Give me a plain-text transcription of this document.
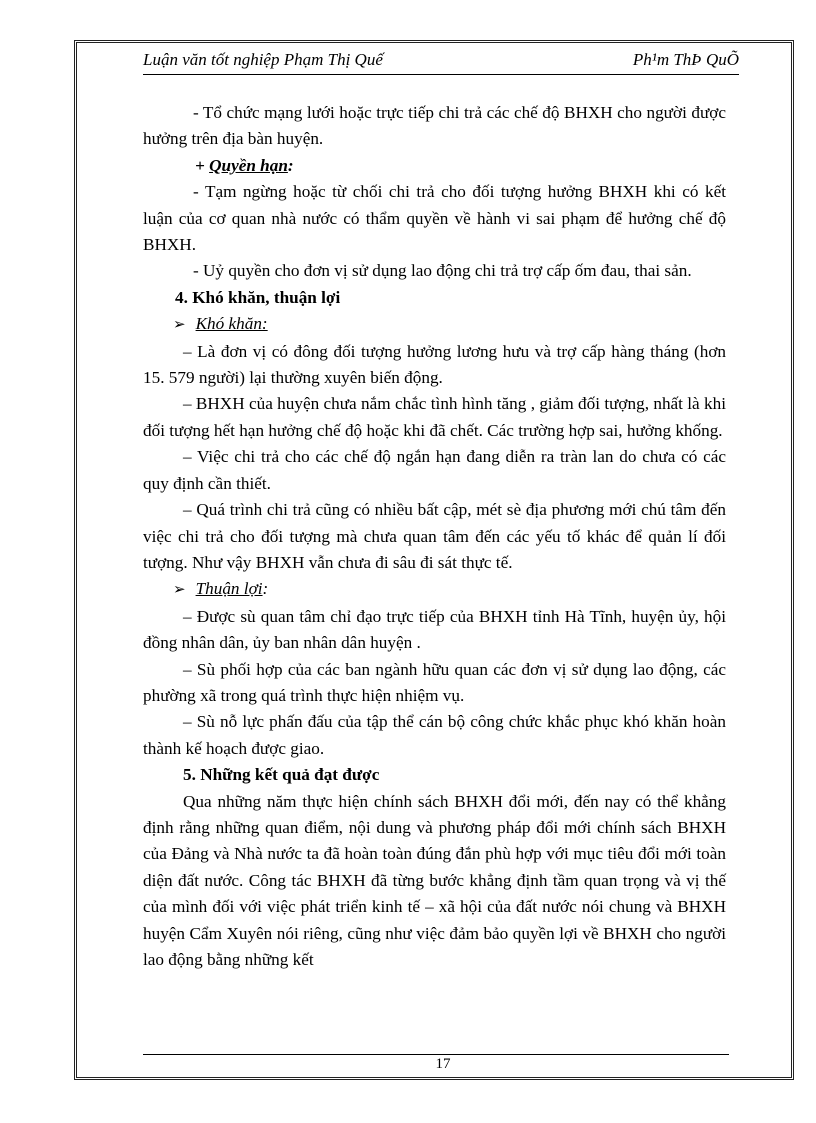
Luận văn tốt nghiệp Phạm Thị Quế	Ph¹m ThÞ QuÕ

- Tổ chức mạng lưới hoặc trực tiếp chi trả các chế độ BHXH cho người được hưởng trên địa bàn huyện.

+ Quyền hạn:

- Tạm ngừng hoặc từ chối chi trả cho đối tượng hưởng BHXH khi có kết luận của cơ quan nhà nước có thẩm quyền về hành vi sai phạm để hưởng chế độ BHXH.

- Uỷ quyền cho đơn vị sử dụng lao động chi trả trợ cấp ốm đau, thai sản.

4. Khó khăn, thuận lợi

➢ Khó khăn:

– Là đơn vị có đông đối tượng hưởng lương hưu và trợ cấp hàng tháng (hơn 15. 579 người) lại thường xuyên biến động.

– BHXH của huyện chưa nắm chắc tình hình tăng , giảm đối tượng, nhất là khi đối tượng hết hạn hưởng chế độ hoặc khi đã chết. Các trường hợp sai, hưởng khống.

– Việc chi trả cho các chế độ ngắn hạn đang diễn ra tràn lan do chưa có các quy định cần thiết.

– Quá trình chi trả cũng có nhiều bất cập, mét sè địa phương mới chú tâm đến việc chi trả cho đối tượng mà chưa quan tâm đến các yếu tố khác để quản lí đối tượng. Như vậy BHXH vẫn chưa đi sâu đi sát thực tế.

➢ Thuận lợi:

– Được sù quan tâm chỉ đạo trực tiếp của BHXH tỉnh Hà Tĩnh, huyện ủy, hội đồng nhân dân, ủy ban nhân dân huyện .

– Sù phối hợp của các ban ngành hữu quan các đơn vị sử dụng lao động, các phường xã trong quá trình thực hiện nhiệm vụ.

– Sù nỗ lực phấn đấu của tập thể cán bộ công chức khắc phục khó khăn hoàn thành kế hoạch được giao.

5. Những kết quả đạt được

Qua những năm thực hiện chính sách BHXH đổi mới, đến nay có thể khẳng định rằng những quan điểm, nội dung và phương pháp đổi mới chính sách BHXH của Đảng và Nhà nước ta đã hoàn toàn đúng đắn phù hợp với mục tiêu đổi mới toàn diện đất nước. Công tác BHXH đã từng bước khẳng định tầm quan trọng và vị thế của mình đối với việc phát triển kinh tế – xã hội của đất nước nói chung và BHXH huyện Cẩm Xuyên nói riêng, cũng như việc đảm bảo quyền lợi về BHXH cho người lao động bằng những kết

17
